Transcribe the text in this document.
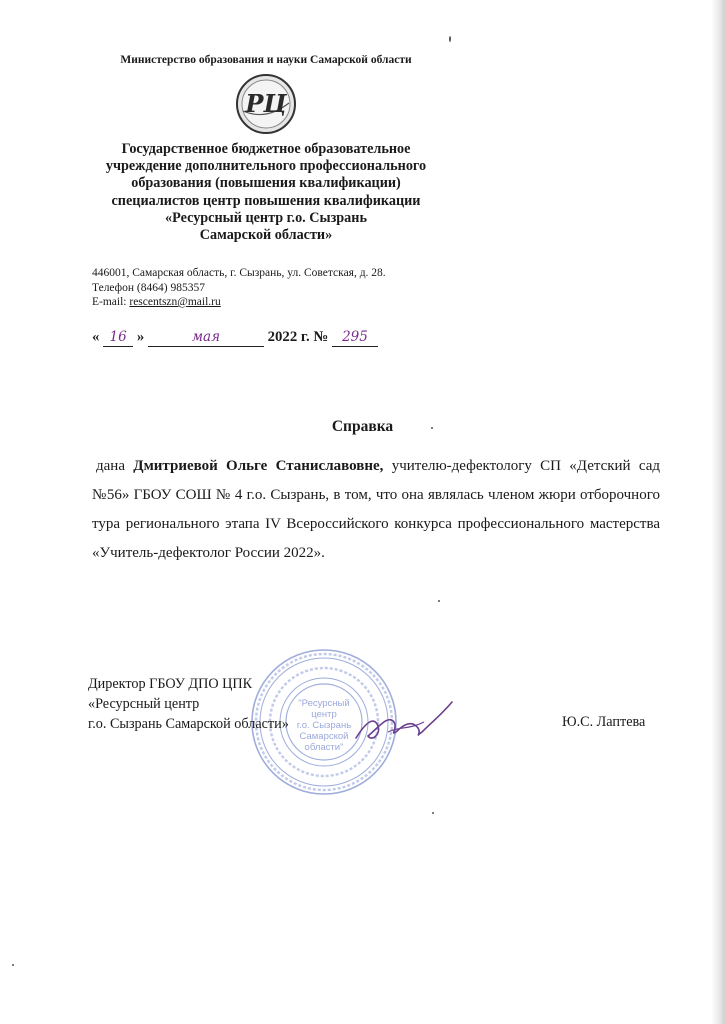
Министерство образования и науки Самарской области

РЦ
Государственное бюджетное образовательное
учреждение дополнительного профессионального
образования (повышения квалификации)
специалистов центр повышения квалификации
«Ресурсный центр г.о. Сызрань
Самарской области»
446001, Самарская область, г. Сызрань, ул. Советская, д. 28.
Телефон (8464) 985357
E-mail: rescentszn@mail.ru
« 16 »	мая	2022 г. № 295
Справка
дана Дмитриевой Ольге Станиславовне, учителю-дефектологу СП «Детский сад №56» ГБОУ СОШ № 4 г.о. Сызрань, в том, что она являлась членом жюри отборочного тура регионального этапа IV Всероссийского конкурса профессионального мастерства «Учитель-дефектолог России 2022».
"Ресурсный
центр
г.о. Сызрань
Самарской
области"
Директор ГБОУ ДПО ЦПК
«Ресурсный центр
г.о. Сызрань Самарской области»	Ю.С. Лаптева
